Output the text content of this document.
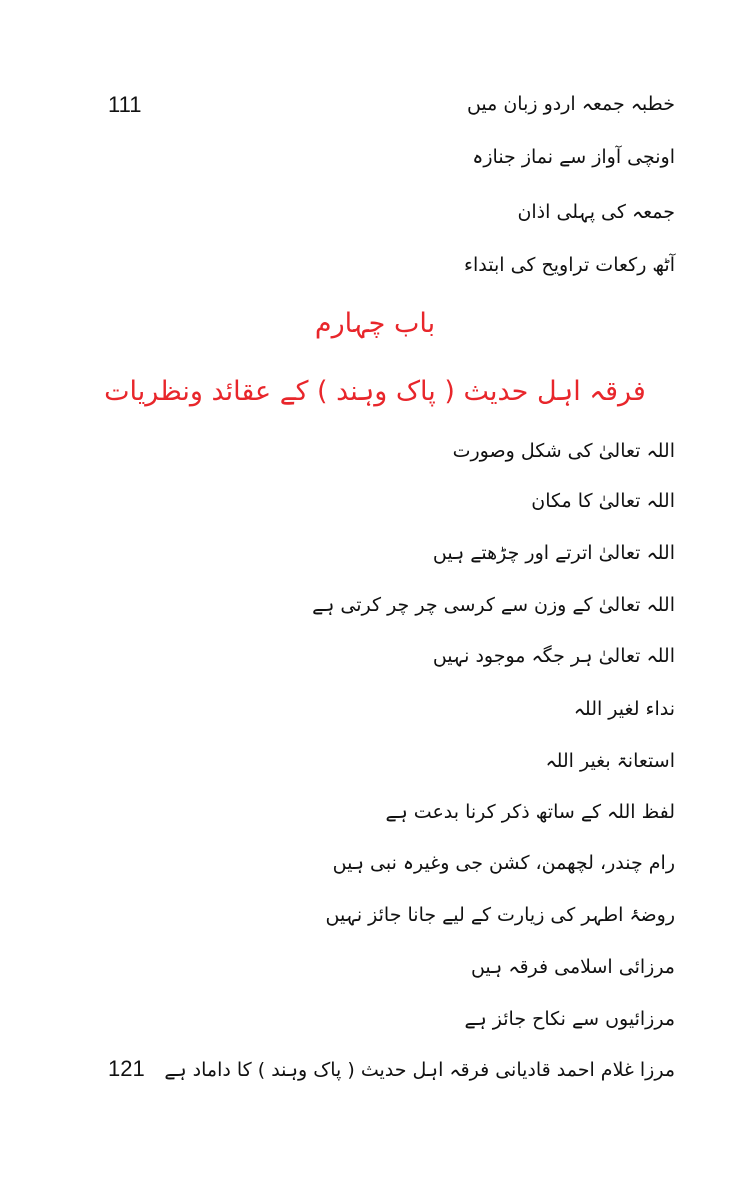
111
121
خطبہ جمعہ اردو زبان میں
اونچی آواز سے نماز جنازہ
جمعہ کی پہلی اذان
آٹھ رکعات تراویح کی ابتداء
باب چہارم
فرقہ اہل حدیث ( پاک وہند ) کے عقائد ونظریات
اللہ تعالیٰ کی شکل وصورت
اللہ تعالیٰ کا مکان
اللہ تعالیٰ اترتے اور چڑھتے ہیں
اللہ تعالیٰ کے وزن سے کرسی چر چر کرتی ہے
اللہ تعالیٰ ہر جگہ موجود نہیں
نداء لغیر اللہ
استعانۃ بغیر اللہ
لفظ اللہ کے ساتھ ذکر کرنا بدعت ہے
رام چندر، لچھمن، کشن جی وغیرہ نبی ہیں
روضۂ اطہر کی زیارت کے لیے جانا جائز نہیں
مرزائی اسلامی فرقہ ہیں
مرزائیوں سے نکاح جائز ہے
مرزا غلام احمد قادیانی فرقہ اہل حدیث ( پاک وہند ) کا داماد ہے
